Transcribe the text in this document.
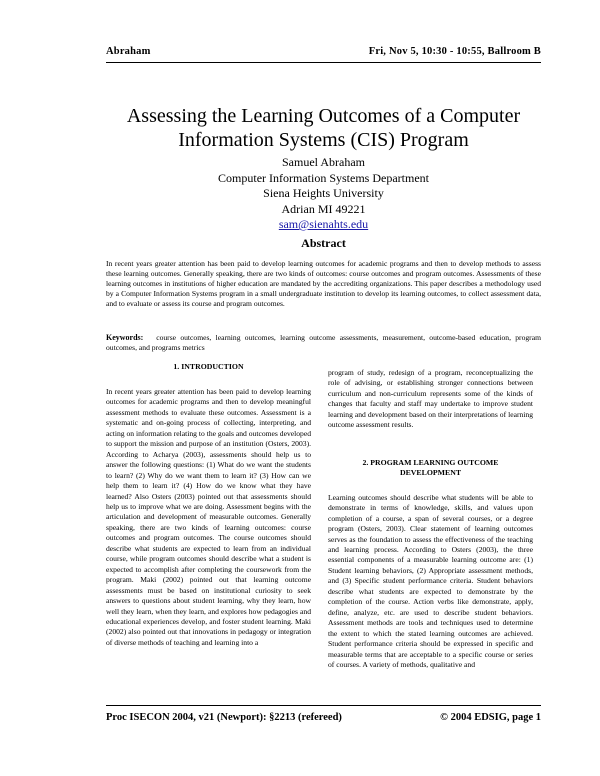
Abraham	Fri, Nov 5, 10:30 - 10:55, Ballroom B
Assessing the Learning Outcomes of a Computer
Information Systems (CIS) Program
Samuel Abraham
Computer Information Systems Department
Siena Heights University
Adrian MI 49221
sam@sienahts.edu
Abstract
In recent years greater attention has been paid to develop learning outcomes for academic programs and then to develop methods to assess these learning outcomes. Generally speaking, there are two kinds of outcomes: course outcomes and program outcomes. Assessments of these learning outcomes in institutions of higher education are mandated by the accrediting organizations. This paper describes a methodology used by a Computer Information Systems program in a small undergraduate institution to develop its learning outcomes, to collect assessment data, and to evaluate or assess its course and program outcomes.
Keywords: course outcomes, learning outcomes, learning outcome assessments, measurement, outcome-based education, program outcomes, and programs metrics
1. INTRODUCTION

In recent years greater attention has been paid to develop learning outcomes for academic programs and then to develop meaningful assessment methods to evaluate these outcomes. Assessment is a systematic and on-going process of collecting, interpreting, and acting on information relating to the goals and outcomes developed to support the mission and purpose of an institution (Osters, 2003). According to Acharya (2003), assessments should help us to answer the following questions: (1) What do we want the students to learn? (2) Why do we want them to learn it? (3) How can we help them to learn it? (4) How do we know what they have learned? Also Osters (2003) pointed out that assessments should help us to improve what we are doing. Assessment begins with the articulation and development of measurable outcomes. Generally speaking, there are two kinds of learning outcomes: course outcomes and program outcomes. The course outcomes should describe what students are expected to learn from an individual course, while program outcomes should describe what a student is expected to accomplish after completing the coursework from the program. Maki (2002) pointed out that learning outcome assessments must be based on institutional curiosity to seek answers to questions about student learning, why they learn, how well they learn, when they learn, and explores how pedagogies and educational experiences develop, and foster student learning. Maki (2002) also pointed out that innovations in pedagogy or integration of diverse methods of teaching and learning into a

program of study, redesign of a program, reconceptualizing the role of advising, or establishing stronger connections between curriculum and non-curriculum represents some of the kinds of changes that faculty and staff may undertake to improve student learning and development based on their interpretations of learning outcome assessment results.

2. PROGRAM LEARNING OUTCOME
DEVELOPMENT

Learning outcomes should describe what students will be able to demonstrate in terms of knowledge, skills, and values upon completion of a course, a span of several courses, or a degree program (Osters, 2003). Clear statement of learning outcomes serves as the foundation to assess the effectiveness of the teaching and learning process. According to Osters (2003), the three essential components of a measurable learning outcome are: (1) Student learning behaviors, (2) Appropriate assessment methods, and (3) Specific student performance criteria. Student behaviors describe what students are expected to demonstrate by the completion of the course. Action verbs like demonstrate, apply, define, analyze, etc. are used to describe student behaviors. Assessment methods are tools and techniques used to determine the extent to which the stated learning outcomes are achieved. Student performance criteria should be expressed in specific and measurable terms that are acceptable to a specific course or series of courses. A variety of methods, qualitative and

Proc ISECON 2004, v21 (Newport): §2213 (refereed)	© 2004 EDSIG, page 1
